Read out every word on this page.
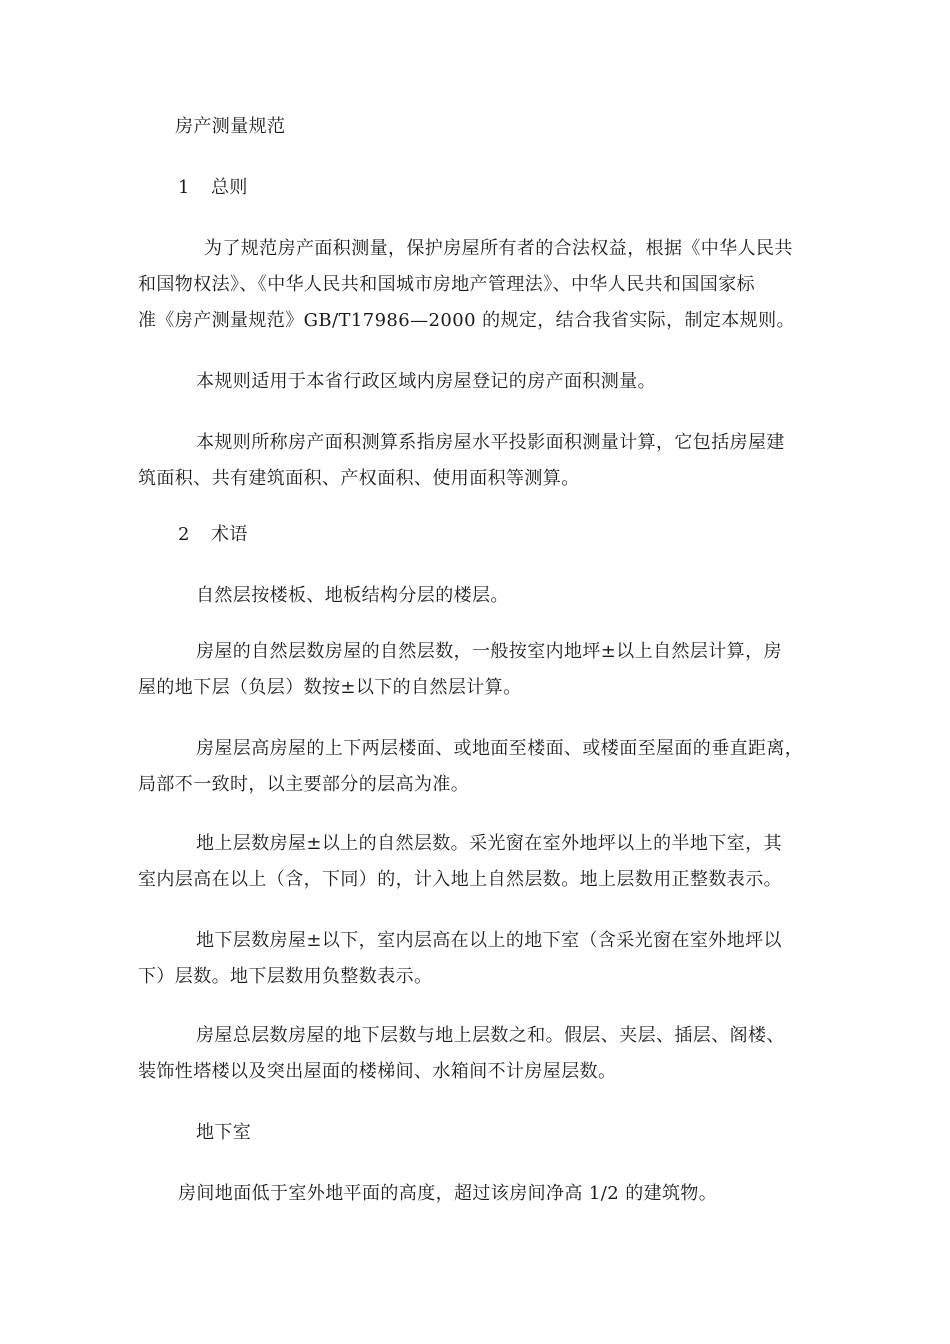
房产测量规范
1 总则
为了规范房产面积测量，保护房屋所有者的合法权益，根据《中华人民共
和国物权法》、《中华人民共和国城市房地产管理法》、中华人民共和国国家标
准《房产测量规范》GB/T17986—2000 的规定，结合我省实际，制定本规则。
本规则适用于本省行政区域内房屋登记的房产面积测量。
本规则所称房产面积测算系指房屋水平投影面积测量计算，它包括房屋建
筑面积、共有建筑面积、产权面积、使用面积等测算。
2 术语
自然层按楼板、地板结构分层的楼层。
房屋的自然层数房屋的自然层数，一般按室内地坪±以上自然层计算，房
屋的地下层（负层）数按±以下的自然层计算。
房屋层高房屋的上下两层楼面、或地面至楼面、或楼面至屋面的垂直距离，
局部不一致时，以主要部分的层高为准。
地上层数房屋±以上的自然层数。采光窗在室外地坪以上的半地下室，其
室内层高在以上（含，下同）的，计入地上自然层数。地上层数用正整数表示。
地下层数房屋±以下，室内层高在以上的地下室（含采光窗在室外地坪以
下）层数。地下层数用负整数表示。
房屋总层数房屋的地下层数与地上层数之和。假层、夹层、插层、阁楼、
装饰性塔楼以及突出屋面的楼梯间、水箱间不计房屋层数。
地下室
房间地面低于室外地平面的高度，超过该房间净高 1/2 的建筑物。
